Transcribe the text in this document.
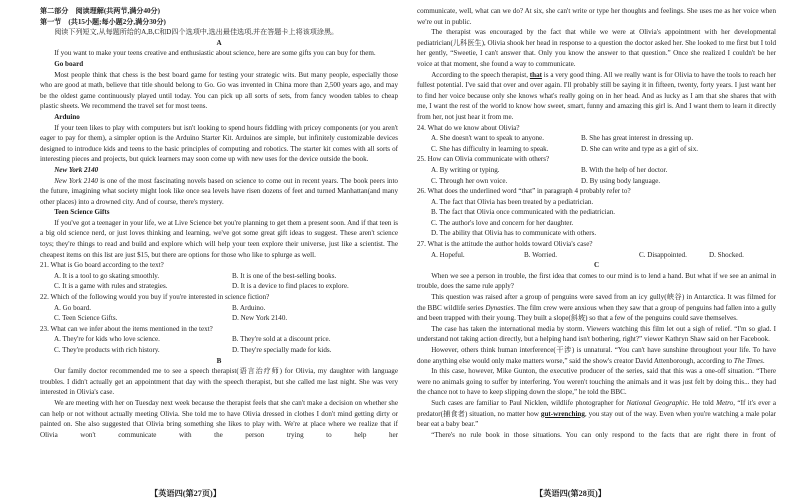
第二部分　阅读理解(共两节,满分40分)

第一节　(共15小题;每小题2分,满分30分)

阅读下列短文,从每题所给的A,B,C和D四个选项中,选出最佳选项,并在答题卡上将该项涂黑。

A

If you want to make your teens creative and enthusiastic about science, here are some gifts you can buy for them.

Go board

Most people think that chess is the best board game for testing your strategic wits. But many people, especially those who are good at math, believe that title should belong to Go. Go was invented in China more than 2,500 years ago, and may be the oldest game continuously played until today. You can pick up all sorts of sets, from fancy wooden tables to cheap plastic sheets. We recommend the travel set for most teens.

Arduino

If your teen likes to play with computers but isn't looking to spend hours fiddling with pricey components (or you aren't eager to pay for them), a simpler option is the Arduino Starter Kit. Arduinos are simple, but infinitely customizable devices designed to introduce kids and teens to the basic principles of computing and robotics. The starter kit comes with all sorts of interesting pieces and projects, but quick learners may soon come up with new uses for the device outside the book.

New York 2140

New York 2140 is one of the most fascinating novels based on science to come out in recent years. The book peers into the future, imagining what society might look like once sea levels have risen dozens of feet and turned Manhattan(and many other places) into a drowned city. And of course, there's mystery.

Teen Science Gifts

If you've got a teenager in your life, we at Live Science bet you're planning to get them a present soon. And if that teen is a big old science nerd, or just loves thinking and learning, we've got some great gift ideas to suggest. These aren't science toys; they're things to read and build and explore which will help your teen explore their universe, just like a scientist. The cheapest items on this list are just $15, but there are options for those who like to splurge as well.

21. What is Go board according to the text?

A. It is a tool to go skating smoothly.	B. It is one of the best-selling books.
C. It is a game with rules and strategies.	D. It is a device to find places to explore.

22. Which of the following would you buy if you're interested in science fiction?

A. Go board.	B. Arduino.
C. Teen Science Gifts.	D. New York 2140.

23. What can we infer about the items mentioned in the text?

A. They're for kids who love science.	B. They're sold at a discount price.
C. They're products with rich history.	D. They're specially made for kids.

B

Our family doctor recommended me to see a speech therapist(语言治疗师) for Olivia, my daughter with language troubles. I didn't actually get an appointment that day with the speech therapist, but she called me last night. She was very interested in Olivia's case.

We are meeting with her on Tuesday next week because the therapist feels that she can't make a decision on whether she can help or not without actually meeting Olivia. She told me to have Olivia dressed in clothes I don't mind getting dirty or painted on. She also suggested that Olivia bring something she likes to play with. We're at place where we realize that if Olivia won't communicate with the person trying to help her

communicate, well, what can we do? At six, she can't write or type her thoughts and feelings. She uses me as her voice when we're out in public.

The therapist was encouraged by the fact that while we were at Olivia's appointment with her developmental pediatrician(儿科医生), Olivia shook her head in response to a question the doctor asked her. She looked to me first but I told her gently, “Sweetie, I can't answer that. Only you know the answer to that question.” Once she realized I couldn't be her voice at that moment, she found a way to communicate.

According to the speech therapist, that is a very good thing. All we really want is for Olivia to have the tools to reach her fullest potential. I've said that over and over again. I'll probably still be saying it in fifteen, twenty, forty years. I just want her to find her voice because only she knows what's really going on in her head. And as lucky as I am that she shares that with me, I want the rest of the world to know how sweet, smart, funny and amazing this girl is. And I want them to learn it directly from her, not just hear it from me.

24. What do we know about Olivia?

A. She doesn't want to speak to anyone.	B. She has great interest in dressing up.
C. She has difficulty in learning to speak.	D. She can write and type as a girl of six.

25. How can Olivia communicate with others?

A. By writing or typing.	B. With the help of her doctor.
C. Through her own voice.	D. By using body language.

26. What does the underlined word “that” in paragraph 4 probably refer to?

A. The fact that Olivia has been treated by a pediatrician.
B. The fact that Olivia once communicated with the pediatrician.
C. The author's love and concern for her daughter.
D. The ability that Olivia has to communicate with others.

27. What is the attitude the author holds toward Olivia's case?

A. Hopeful.	B. Worried.	C. Disappointed.	D. Shocked.

C

When we see a person in trouble, the first idea that comes to our mind is to lend a hand. But what if we see an animal in trouble, does the same rule apply?

This question was raised after a group of penguins were saved from an icy gully(峡谷) in Antarctica. It was filmed for the BBC wildlife series Dynasties. The film crew were anxious when they saw that a group of penguins had fallen into a gully and been trapped with their young. They built a slope(斜坡) so that a few of the penguins could save themselves.

The case has taken the international media by storm. Viewers watching this film let out a sigh of relief. “I'm so glad. I understand not taking action directly, but a helping hand isn't bothering, right?” viewer Kathryn Shaw said on her Facebook.

However, others think human interference(干涉) is unnatural. “You can't have sunshine throughout your life. To have done anything else would only make matters worse,” said the show's creator David Attenborough, according to The Times.

In this case, however, Mike Gunton, the executive producer of the series, said that this was a one-off situation. “There were no animals going to suffer by interfering. You weren't touching the animals and it was just felt by doing this... they had the chance not to have to keep slipping down the slope,” he told the BBC.

Such cases are familiar to Paul Nicklen, wildlife photographer for National Geographic. He told Metro, “If it's ever a predator(捕食者) situation, no matter how gut-wrenching, you stay out of the way. Even when you're watching a male polar bear eat a baby bear.”

“There's no rule book in those situations. You can only respond to the facts that are right there in front of

【英语四(第27页)】	【英语四(第28页)】
